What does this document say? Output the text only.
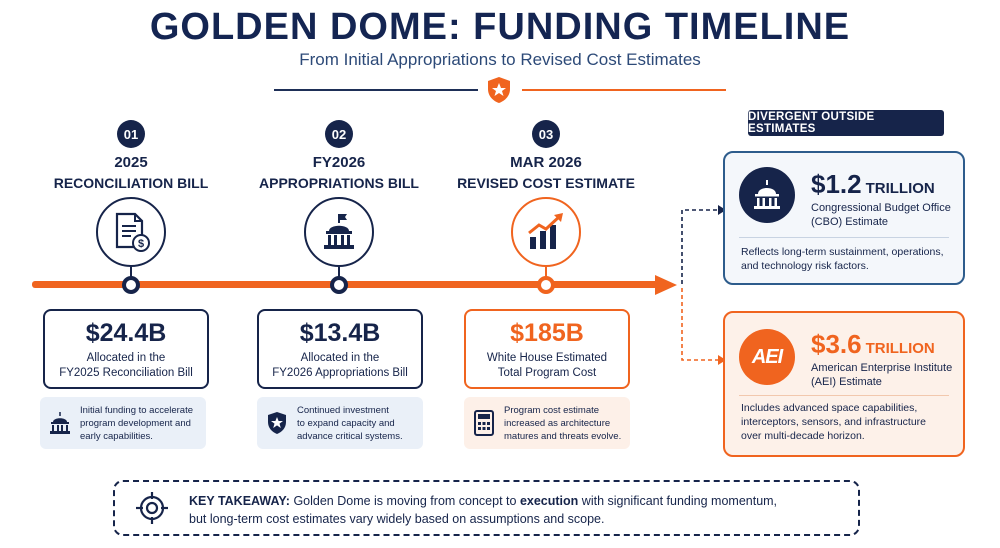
GOLDEN DOME: FUNDING TIMELINE
From Initial Appropriations to Revised Cost Estimates
01
2025
RECONCILIATION BILL
$
02
FY2026
APPROPRIATIONS BILL
03
MAR 2026
REVISED COST ESTIMATE
$24.4B
Allocated in the
FY2025 Reconciliation Bill
$13.4B
Allocated in the
FY2026 Appropriations Bill
$185B
White House Estimated
Total Program Cost
Initial funding to accelerate
program development and
early capabilities.
Continued investment
to expand capacity and
advance critical systems.
Program cost estimate
increased as architecture
matures and threats evolve.
DIVERGENT OUTSIDE ESTIMATES
$1.2 TRILLION
Congressional Budget Office
(CBO) Estimate
Reflects long-term sustainment, operations,
and technology risk factors.
AEI	$3.6 TRILLION
American Enterprise Institute
(AEI) Estimate
Includes advanced space capabilities,
interceptors, sensors, and infrastructure
over multi-decade horizon.
KEY TAKEAWAY: Golden Dome is moving from concept to execution with significant funding momentum,
but long-term cost estimates vary widely based on assumptions and scope.
